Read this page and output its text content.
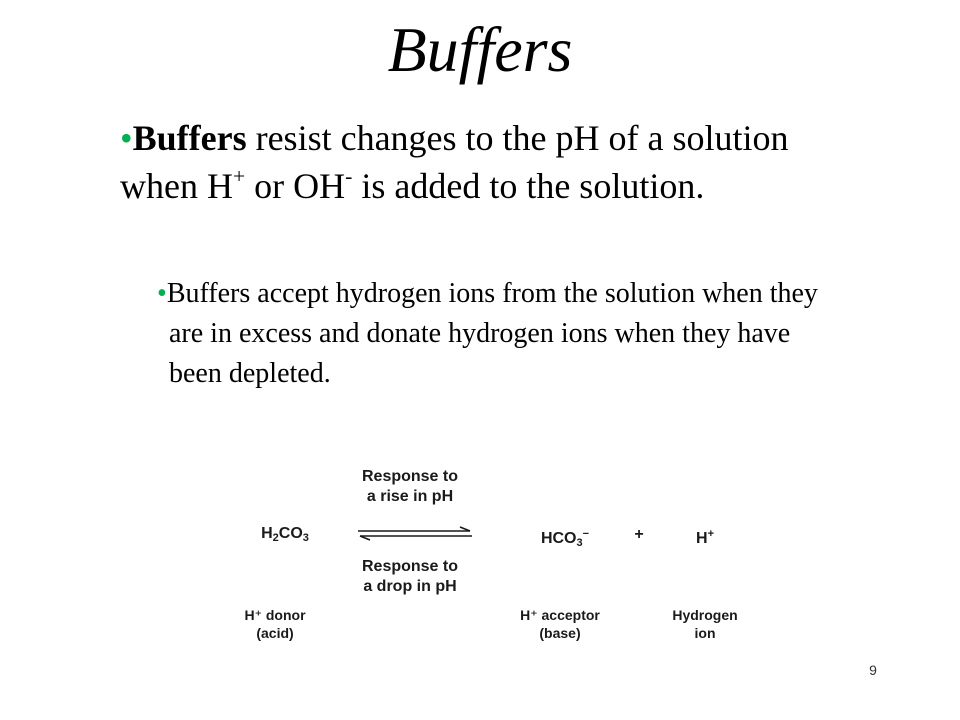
Buffers
•Buffers resist changes to the pH of a solution when H+ or OH- is added to the solution.
•Buffers accept hydrogen ions from the solution when they are in excess and donate hydrogen ions when they have been depleted.
Response to
a rise in pH
$H_2CO_3$	$HCO_3^-$	+	H+
Response to
a drop in pH
H⁺ donor
(acid)
H⁺ acceptor
(base)
Hydrogen
ion
9
